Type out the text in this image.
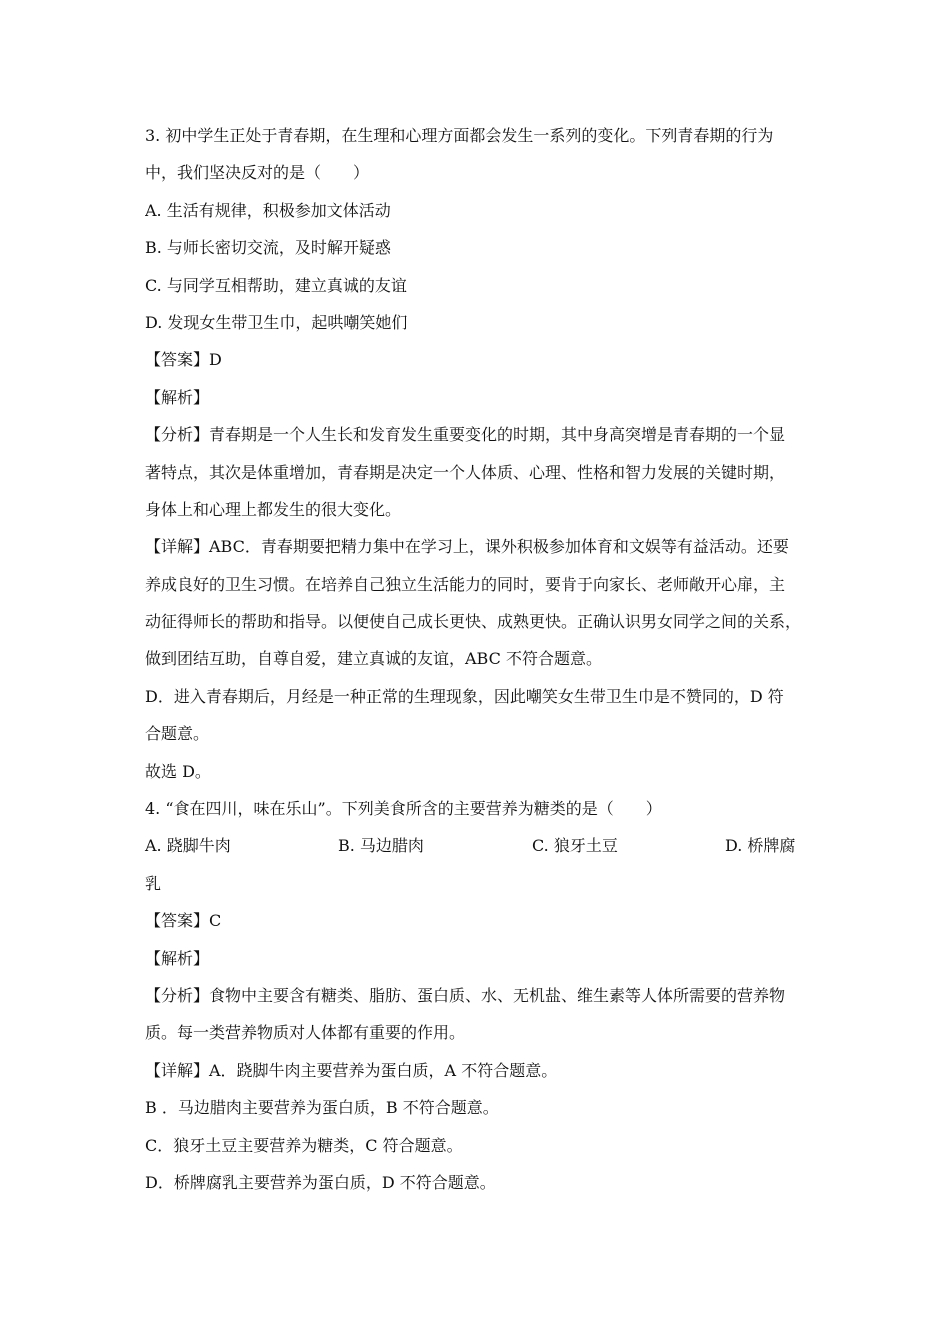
3. 初中学生正处于青春期，在生理和心理方面都会发生一系列的变化。下列青春期的行为
中，我们坚决反对的是（　　）
A. 生活有规律，积极参加文体活动
B. 与师长密切交流，及时解开疑惑
C. 与同学互相帮助，建立真诚的友谊
D. 发现女生带卫生巾，起哄嘲笑她们
【答案】D
【解析】
【分析】青春期是一个人生长和发育发生重要变化的时期，其中身高突增是青春期的一个显
著特点，其次是体重增加，青春期是决定一个人体质、心理、性格和智力发展的关键时期，
身体上和心理上都发生的很大变化。
【详解】ABC．青春期要把精力集中在学习上，课外积极参加体育和文娱等有益活动。还要
养成良好的卫生习惯。在培养自己独立生活能力的同时，要肯于向家长、老师敞开心扉，主
动征得师长的帮助和指导。以便使自己成长更快、成熟更快。正确认识男女同学之间的关系，
做到团结互助，自尊自爱，建立真诚的友谊，ABC 不符合题意。
D．进入青春期后，月经是一种正常的生理现象，因此嘲笑女生带卫生巾是不赞同的，D 符
合题意。
故选 D。
4. “食在四川，味在乐山”。下列美食所含的主要营养为糖类的是（　　）
A. 跷脚牛肉	B. 马边腊肉	C. 狼牙土豆	D. 桥牌腐
乳
【答案】C
【解析】
【分析】食物中主要含有糖类、脂肪、蛋白质、水、无机盐、维生素等人体所需要的营养物
质。每一类营养物质对人体都有重要的作用。
【详解】A．跷脚牛肉主要营养为蛋白质，A 不符合题意。
B ．马边腊肉主要营养为蛋白质，B 不符合题意。
C．狼牙土豆主要营养为糖类，C 符合题意。
D．桥牌腐乳主要营养为蛋白质，D 不符合题意。
